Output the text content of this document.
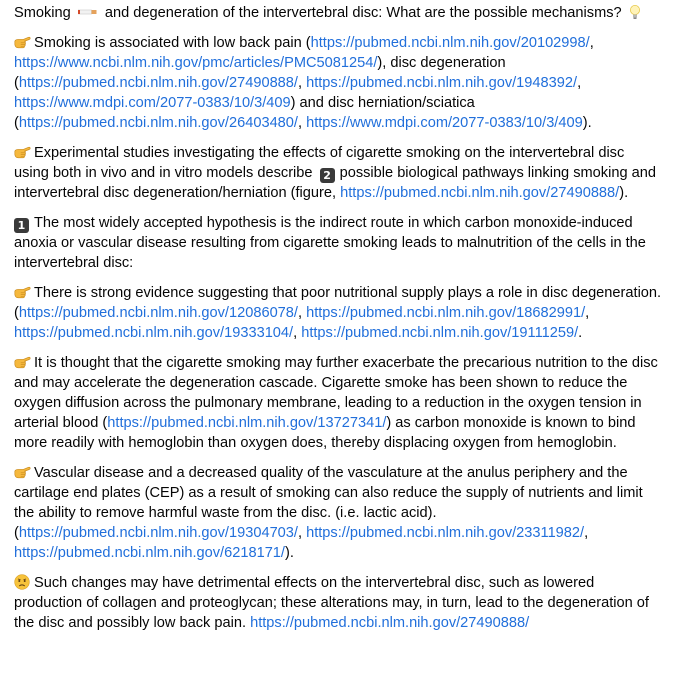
Smoking and degeneration of the intervertebral disc: What are the possible mechanisms?

Smoking is associated with low back pain (https://pubmed.ncbi.nlm.nih.gov/20102998/, https://www.ncbi.nlm.nih.gov/pmc/articles/PMC5081254/), disc degeneration (https://pubmed.ncbi.nlm.nih.gov/27490888/, https://pubmed.ncbi.nlm.nih.gov/1948392/, https://www.mdpi.com/2077-0383/10/3/409) and disc herniation/sciatica (https://pubmed.ncbi.nlm.nih.gov/26403480/, https://www.mdpi.com/2077-0383/10/3/409).

Experimental studies investigating the effects of cigarette smoking on the intervertebral disc using both in vivo and in vitro models describe 2 possible biological pathways linking smoking and intervertebral disc degeneration/herniation (figure, https://pubmed.ncbi.nlm.nih.gov/27490888/).

1 The most widely accepted hypothesis is the indirect route in which carbon monoxide-induced anoxia or vascular disease resulting from cigarette smoking leads to malnutrition of the cells in the intervertebral disc:

There is strong evidence suggesting that poor nutritional supply plays a role in disc degeneration. (https://pubmed.ncbi.nlm.nih.gov/12086078/, https://pubmed.ncbi.nlm.nih.gov/18682991/, https://pubmed.ncbi.nlm.nih.gov/19333104/, https://pubmed.ncbi.nlm.nih.gov/19111259/.

It is thought that the cigarette smoking may further exacerbate the precarious nutrition to the disc and may accelerate the degeneration cascade. Cigarette smoke has been shown to reduce the oxygen diffusion across the pulmonary membrane, leading to a reduction in the oxygen tension in arterial blood (https://pubmed.ncbi.nlm.nih.gov/13727341/) as carbon monoxide is known to bind more readily with hemoglobin than oxygen does, thereby displacing oxygen from hemoglobin.

Vascular disease and a decreased quality of the vasculature at the anulus periphery and the cartilage end plates (CEP) as a result of smoking can also reduce the supply of nutrients and limit the ability to remove harmful waste from the disc. (i.e. lactic acid). (https://pubmed.ncbi.nlm.nih.gov/19304703/, https://pubmed.ncbi.nlm.nih.gov/23311982/, https://pubmed.ncbi.nlm.nih.gov/6218171/).

Such changes may have detrimental effects on the intervertebral disc, such as lowered production of collagen and proteoglycan; these alterations may, in turn, lead to the degeneration of the disc and possibly low back pain. https://pubmed.ncbi.nlm.nih.gov/27490888/
